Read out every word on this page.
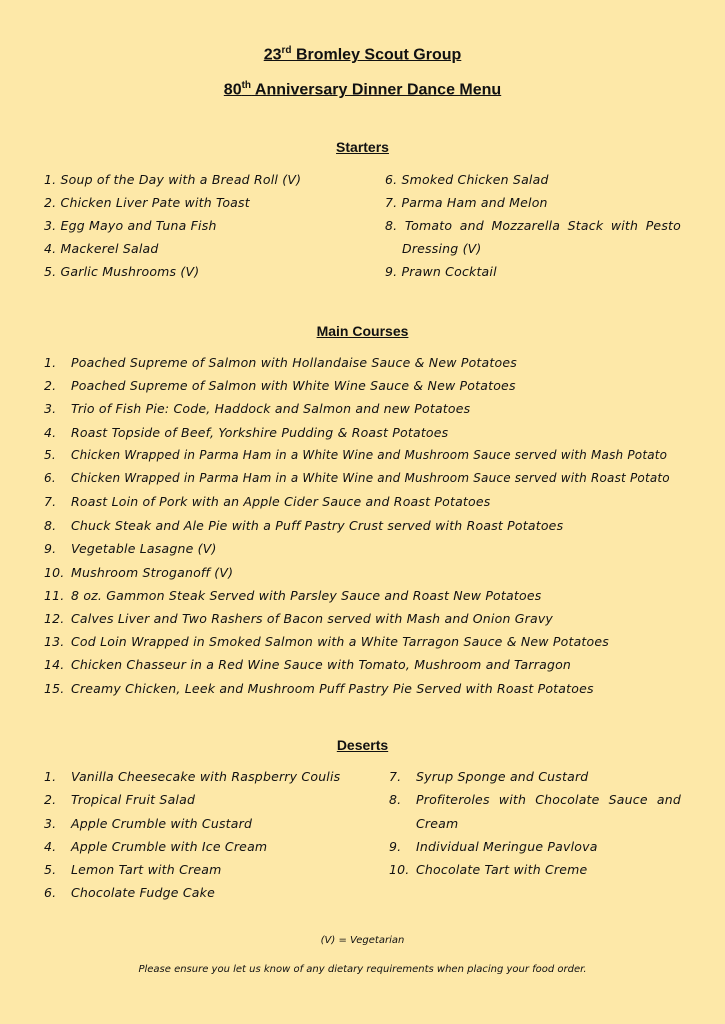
23rd Bromley Scout Group
80th Anniversary Dinner Dance Menu
Starters
1. Soup of the Day with a Bread Roll (V)
2. Chicken Liver Pate with Toast
3. Egg Mayo and Tuna Fish
4. Mackerel Salad
5. Garlic Mushrooms (V)
6. Smoked Chicken Salad
7. Parma Ham and Melon
8. Tomato and Mozzarella Stack with Pesto
Dressing (V)
9. Prawn Cocktail
Main Courses
1. Poached Supreme of Salmon with Hollandaise Sauce & New Potatoes
2. Poached Supreme of Salmon with White Wine Sauce & New Potatoes
3. Trio of Fish Pie: Code, Haddock and Salmon and new Potatoes
4. Roast Topside of Beef, Yorkshire Pudding & Roast Potatoes
5. Chicken Wrapped in Parma Ham in a White Wine and Mushroom Sauce served with Mash Potato
6. Chicken Wrapped in Parma Ham in a White Wine and Mushroom Sauce served with Roast Potato
7. Roast Loin of Pork with an Apple Cider Sauce and Roast Potatoes
8. Chuck Steak and Ale Pie with a Puff Pastry Crust served with Roast Potatoes
9. Vegetable Lasagne (V)
10. Mushroom Stroganoff (V)
11. 8 oz. Gammon Steak Served with Parsley Sauce and Roast New Potatoes
12. Calves Liver and Two Rashers of Bacon served with Mash and Onion Gravy
13. Cod Loin Wrapped in Smoked Salmon with a White Tarragon Sauce & New Potatoes
14. Chicken Chasseur in a Red Wine Sauce with Tomato, Mushroom and Tarragon
15. Creamy Chicken, Leek and Mushroom Puff Pastry Pie Served with Roast Potatoes
Deserts
1. Vanilla Cheesecake with Raspberry Coulis
2. Tropical Fruit Salad
3. Apple Crumble with Custard
4. Apple Crumble with Ice Cream
5. Lemon Tart with Cream
6. Chocolate Fudge Cake
7. Syrup Sponge and Custard
8.	Profiteroles with Chocolate Sauce and
Cream
9. Individual Meringue Pavlova
10. Chocolate Tart with Creme
(V) = Vegetarian
Please ensure you let us know of any dietary requirements when placing your food order.
